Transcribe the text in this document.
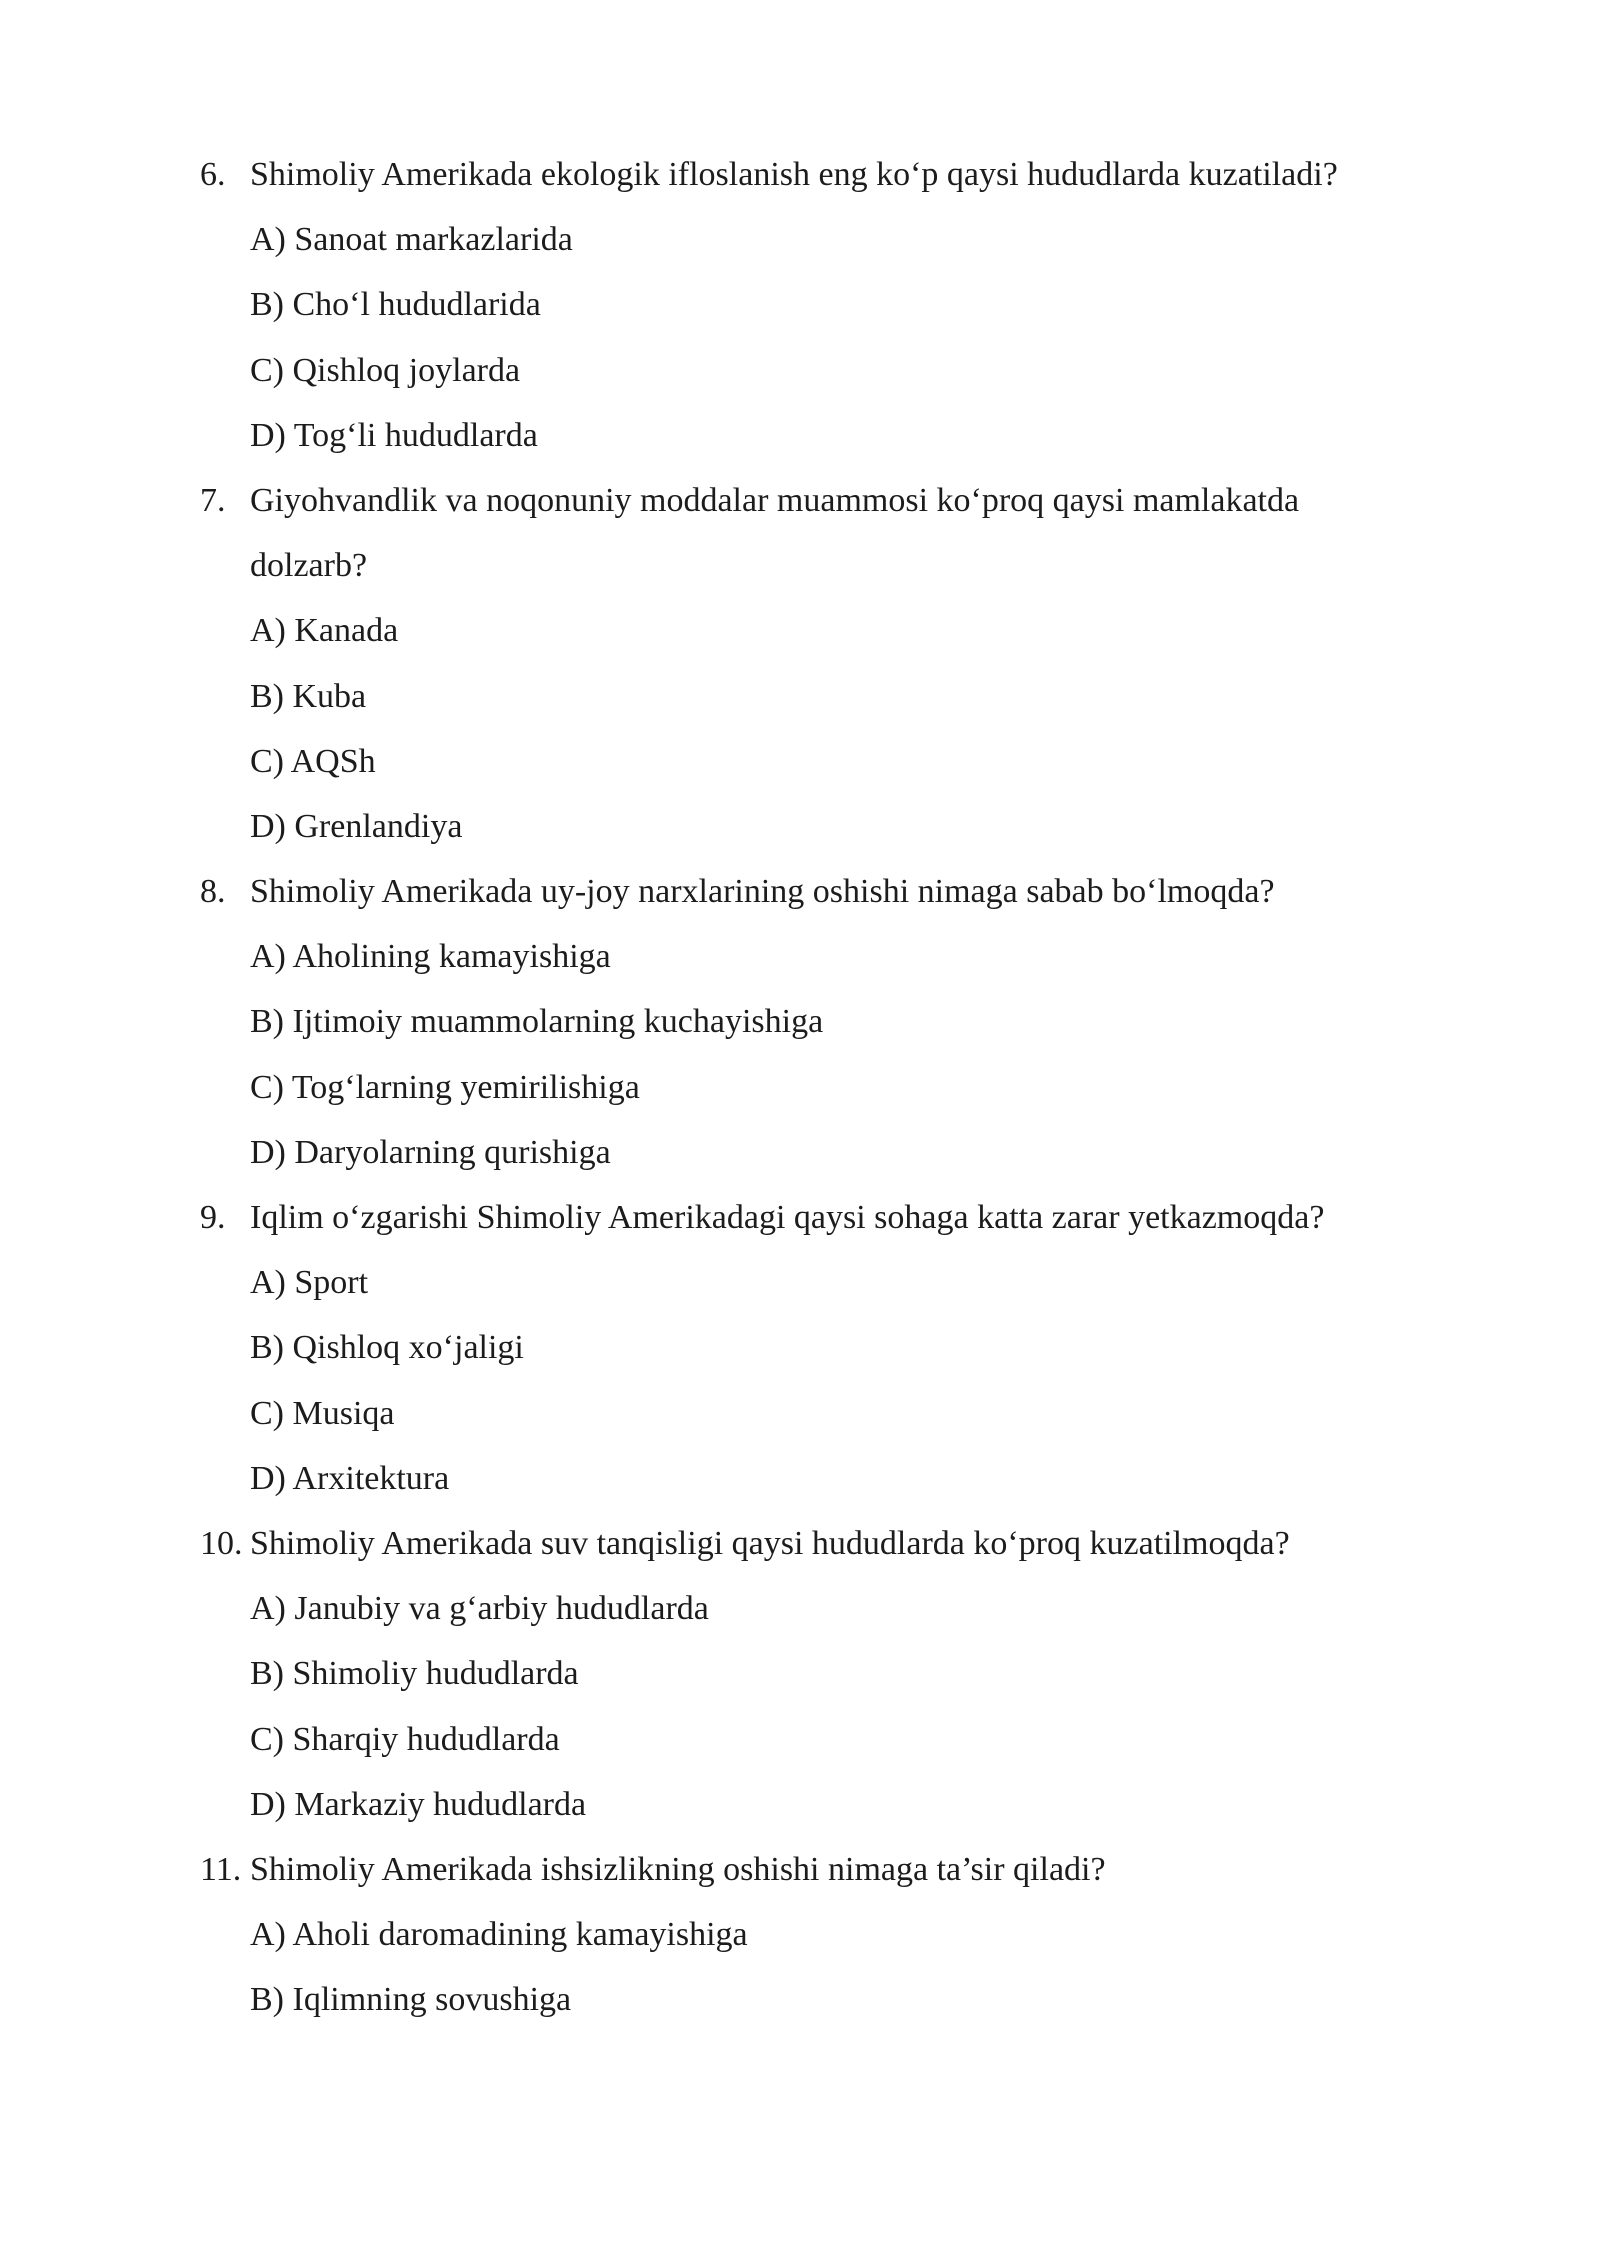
6. Shimoliy Amerikada ekologik ifloslanish eng ko‘p qaysi hududlarda kuzatiladi?
A) Sanoat markazlarida
B) Cho‘l hududlarida
C) Qishloq joylarda
D) Tog‘li hududlarda
7. Giyohvandlik va noqonuniy moddalar muammosi ko‘proq qaysi mamlakatda
dolzarb?
A) Kanada
B) Kuba
C) AQSh
D) Grenlandiya
8. Shimoliy Amerikada uy-joy narxlarining oshishi nimaga sabab bo‘lmoqda?
A) Aholining kamayishiga
B) Ijtimoiy muammolarning kuchayishiga
C) Tog‘larning yemirilishiga
D) Daryolarning qurishiga
9. Iqlim o‘zgarishi Shimoliy Amerikadagi qaysi sohaga katta zarar yetkazmoqda?
A) Sport
B) Qishloq xo‘jaligi
C) Musiqa
D) Arxitektura
10. Shimoliy Amerikada suv tanqisligi qaysi hududlarda ko‘proq kuzatilmoqda?
A) Janubiy va g‘arbiy hududlarda
B) Shimoliy hududlarda
C) Sharqiy hududlarda
D) Markaziy hududlarda
11. Shimoliy Amerikada ishsizlikning oshishi nimaga ta’sir qiladi?
A) Aholi daromadining kamayishiga
B) Iqlimning sovushiga
